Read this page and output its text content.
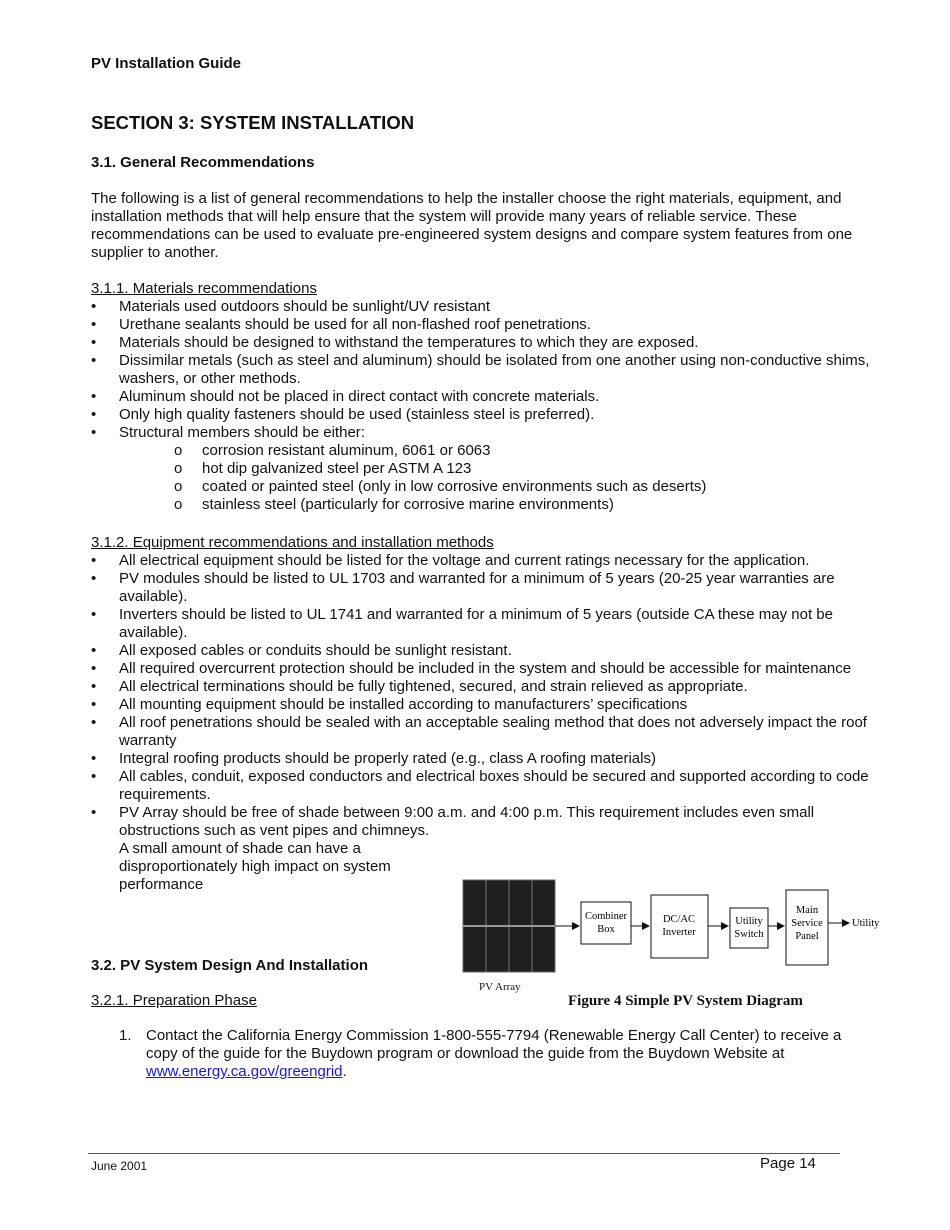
PV Installation Guide
SECTION 3: SYSTEM INSTALLATION
3.1. General Recommendations
The following is a list of general recommendations to help the installer choose the right materials, equipment, and installation methods that will help ensure that the system will provide many years of reliable service. These recommendations can be used to evaluate pre-engineered system designs and compare system features from one supplier to another.
3.1.1. Materials recommendations
• Materials used outdoors should be sunlight/UV resistant
• Urethane sealants should be used for all non-flashed roof penetrations.
• Materials should be designed to withstand the temperatures to which they are exposed.
• Dissimilar metals (such as steel and aluminum) should be isolated from one another using non-conductive shims, washers, or other methods.
• Aluminum should not be placed in direct contact with concrete materials.
• Only high quality fasteners should be used (stainless steel is preferred).
• Structural members should be either:
o corrosion resistant aluminum, 6061 or 6063
o hot dip galvanized steel per ASTM A 123
o coated or painted steel (only in low corrosive environments such as deserts)
o stainless steel (particularly for corrosive marine environments)
3.1.2. Equipment recommendations and installation methods
• All electrical equipment should be listed for the voltage and current ratings necessary for the application.
• PV modules should be listed to UL 1703 and warranted for a minimum of 5 years (20-25 year warranties are available).
• Inverters should be listed to UL 1741 and warranted for a minimum of 5 years (outside CA these may not be available).
• All exposed cables or conduits should be sunlight resistant.
• All required overcurrent protection should be included in the system and should be accessible for maintenance
• All electrical terminations should be fully tightened, secured, and strain relieved as appropriate.
• All mounting equipment should be installed according to manufacturers’ specifications
• All roof penetrations should be sealed with an acceptable sealing method that does not adversely impact the roof warranty
• Integral roofing products should be properly rated (e.g., class A roofing materials)
• All cables, conduit, exposed conductors and electrical boxes should be secured and supported according to code requirements.
• PV Array should be free of shade between 9:00 a.m. and 4:00 p.m. This requirement includes even small
obstructions such as vent pipes and chimneys. A small amount of shade can have a disproportionately high impact on system performance
PV Array
Combiner
Box
DC/AC
Inverter
Utility
Switch
Main
Service
Panel
Utility
Figure 4 Simple PV System Diagram
3.2. PV System Design And Installation
3.2.1. Preparation Phase
1. Contact the California Energy Commission 1-800-555-7794 (Renewable Energy Call Center) to receive a copy of the guide for the Buydown program or download the guide from the Buydown Website at www.energy.ca.gov/greengrid.
June 2001	Page 14
